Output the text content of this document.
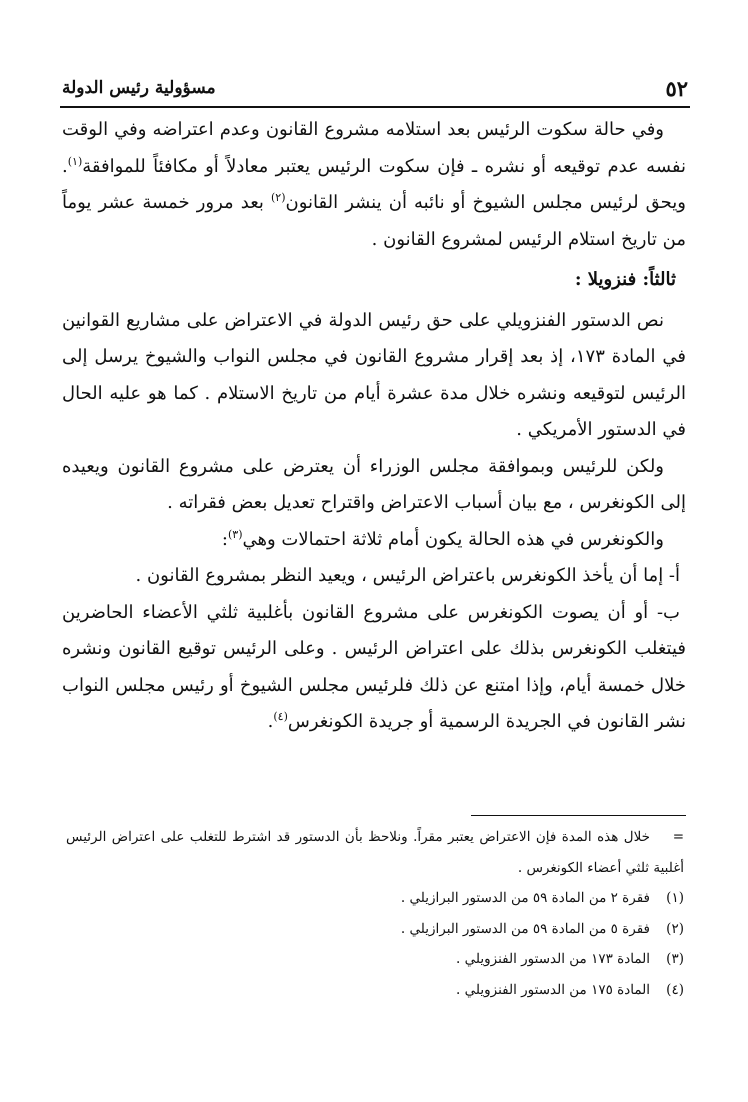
٥٢
مسؤولية رئيس الدولة

وفي حالة سكوت الرئيس بعد استلامه مشروع القانون وعدم اعتراضه وفي الوقت نفسه عدم توقيعه أو نشره ـ فإن سكوت الرئيس يعتبر معادلاً أو مكافئاً للموافقة$^{(١)}$. ويحق لرئيس مجلس الشيوخ أو نائبه أن ينشر القانون$^{(٢)}$ بعد مرور خمسة عشر يوماً من تاريخ استلام الرئيس لمشروع القانون .

ثالثاً: فنزويلا :

نص الدستور الفنزويلي على حق رئيس الدولة في الاعتراض على مشاريع القوانين في المادة ١٧٣، إذ بعد إقرار مشروع القانون في مجلس النواب والشيوخ يرسل إلى الرئيس لتوقيعه ونشره خلال مدة عشرة أيام من تاريخ الاستلام . كما هو عليه الحال في الدستور الأمريكي .

ولكن للرئيس وبموافقة مجلس الوزراء أن يعترض على مشروع القانون ويعيده إلى الكونغرس ، مع بيان أسباب الاعتراض واقتراح تعديل بعض فقراته .

والكونغرس في هذه الحالة يكون أمام ثلاثة احتمالات وهي$^{(٣)}$:

أ- إما أن يأخذ الكونغرس باعتراض الرئيس ، ويعيد النظر بمشروع القانون .

ب- أو أن يصوت الكونغرس على مشروع القانون بأغلبية ثلثي الأعضاء الحاضرين فيتغلب الكونغرس بذلك على اعتراض الرئيس . وعلى الرئيس توقيع القانون ونشره خلال خمسة أيام، وإذا امتنع عن ذلك فلرئيس مجلس الشيوخ أو رئيس مجلس النواب نشر القانون في الجريدة الرسمية أو جريدة الكونغرس$^{(٤)}$.

=خلال هذه المدة فإن الاعتراض يعتبر مقراً. ونلاحظ بأن الدستور قد اشترط للتغلب على اعتراض الرئيس أغلبية ثلثي أعضاء الكونغرس .

(١)فقرة ٢ من المادة ٥٩ من الدستور البرازيلي .

(٢)فقرة ٥ من المادة ٥٩ من الدستور البرازيلي .

(٣)المادة ١٧٣ من الدستور الفنزويلي .

(٤)المادة ١٧٥ من الدستور الفنزويلي .
